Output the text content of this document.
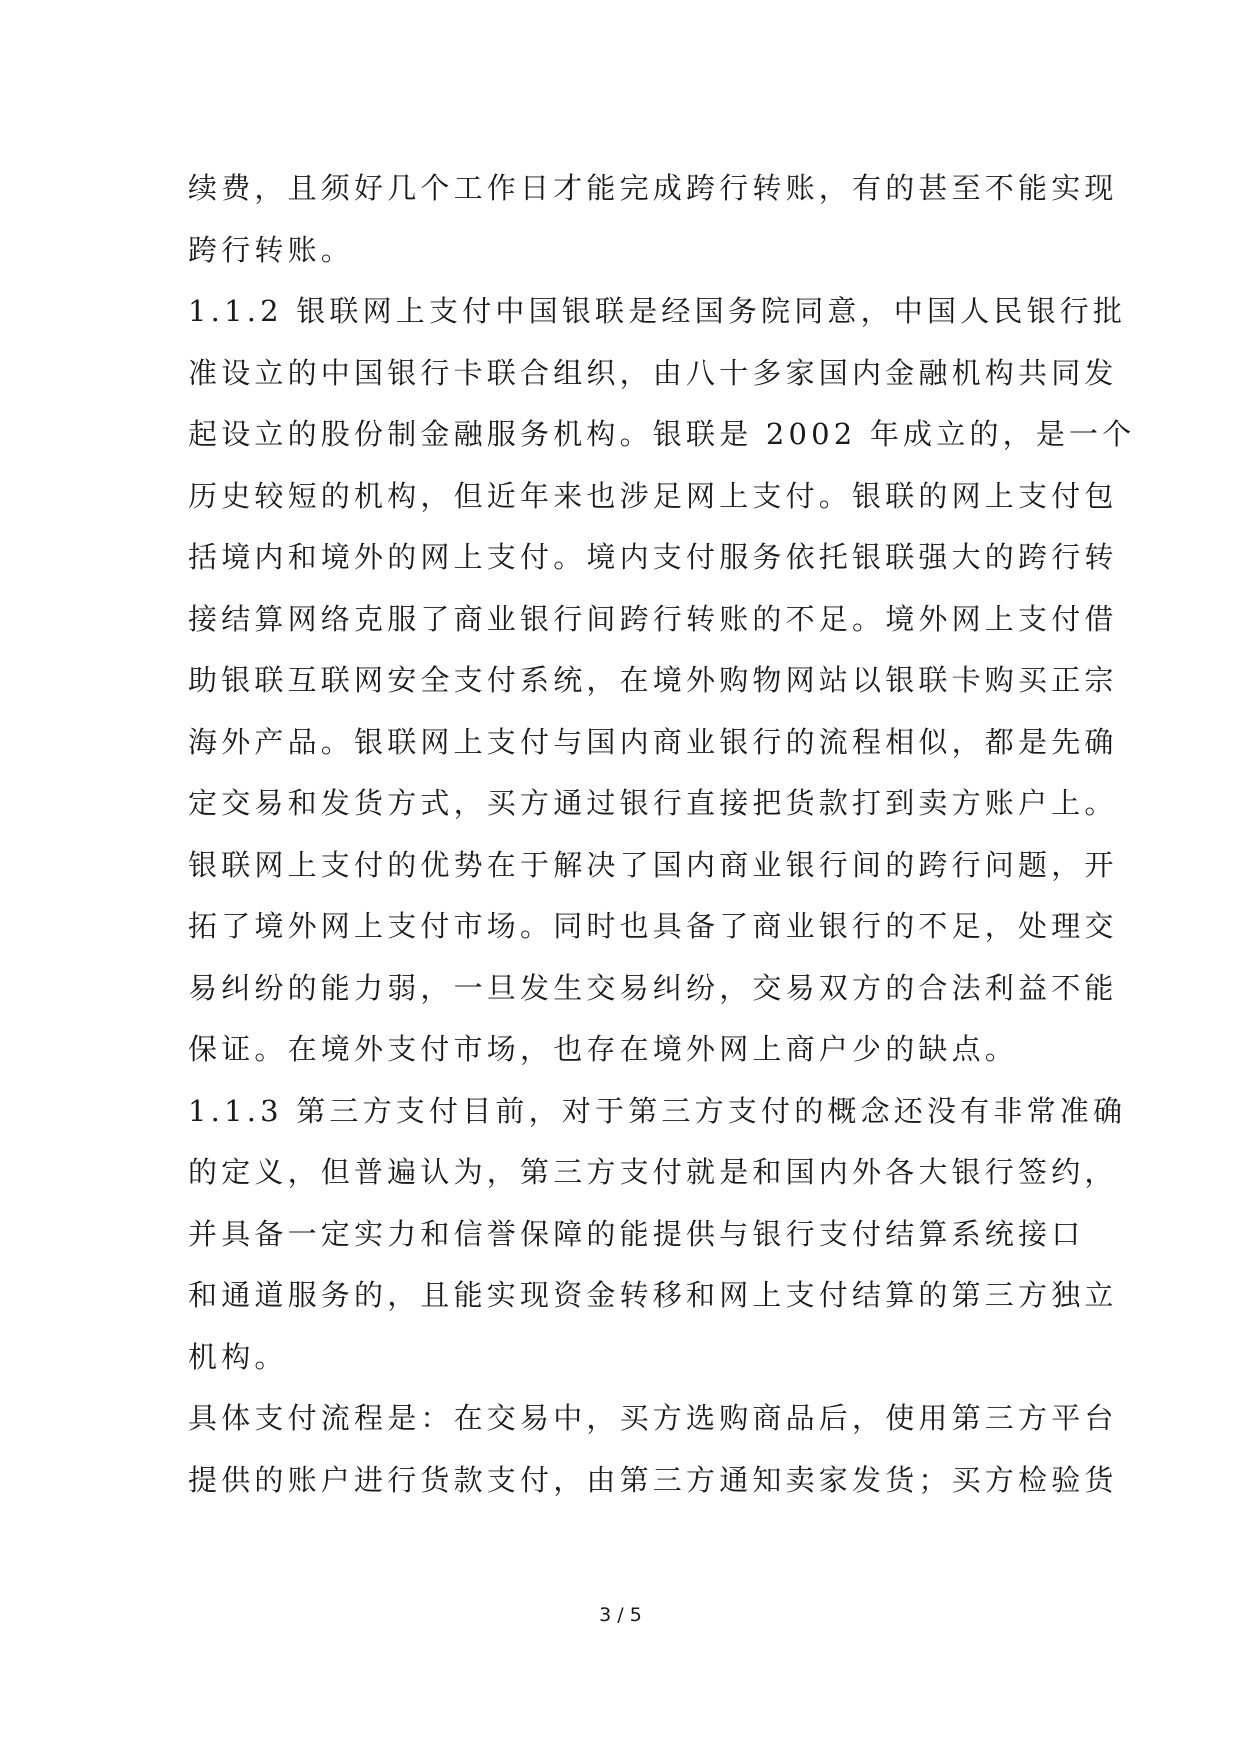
续费，且须好几个工作日才能完成跨行转账，有的甚至不能实现
跨行转账。
1.1.2 银联网上支付中国银联是经国务院同意，中国人民银行批
准设立的中国银行卡联合组织，由八十多家国内金融机构共同发
起设立的股份制金融服务机构。银联是 2002 年成立的，是一个
历史较短的机构，但近年来也涉足网上支付。银联的网上支付包
括境内和境外的网上支付。境内支付服务依托银联强大的跨行转
接结算网络克服了商业银行间跨行转账的不足。境外网上支付借
助银联互联网安全支付系统，在境外购物网站以银联卡购买正宗
海外产品。银联网上支付与国内商业银行的流程相似，都是先确
定交易和发货方式，买方通过银行直接把货款打到卖方账户上。
银联网上支付的优势在于解决了国内商业银行间的跨行问题，开
拓了境外网上支付市场。同时也具备了商业银行的不足，处理交
易纠纷的能力弱，一旦发生交易纠纷，交易双方的合法利益不能
保证。在境外支付市场，也存在境外网上商户少的缺点。
1.1.3 第三方支付目前，对于第三方支付的概念还没有非常准确
的定义，但普遍认为，第三方支付就是和国内外各大银行签约，
并具备一定实力和信誉保障的能提供与银行支付结算系统接口
和通道服务的，且能实现资金转移和网上支付结算的第三方独立
机构。
具体支付流程是：在交易中，买方选购商品后，使用第三方平台
提供的账户进行货款支付，由第三方通知卖家发货；买方检验货
3 / 5
